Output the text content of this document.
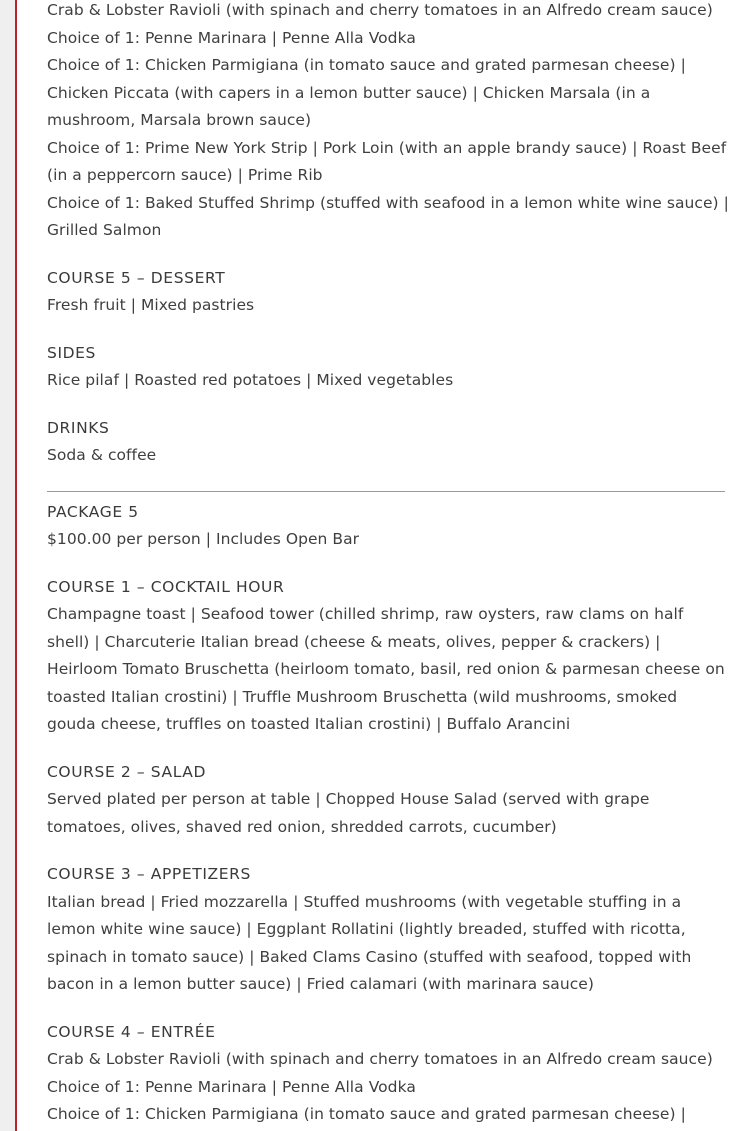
Crab & Lobster Ravioli (with spinach and cherry tomatoes in an Alfredo cream sauce)

Choice of 1: Penne Marinara | Penne Alla Vodka

Choice of 1: Chicken Parmigiana (in tomato sauce and grated parmesan cheese) | Chicken Piccata (with capers in a lemon butter sauce) | Chicken Marsala (in a mushroom, Marsala brown sauce)

Choice of 1: Prime New York Strip | Pork Loin (with an apple brandy sauce) | Roast Beef (in a peppercorn sauce) | Prime Rib

Choice of 1: Baked Stuffed Shrimp (stuffed with seafood in a lemon white wine sauce) | Grilled Salmon

COURSE 5 – DESSERT

Fresh fruit | Mixed pastries

SIDES

Rice pilaf | Roasted red potatoes | Mixed vegetables

DRINKS

Soda & coffee

PACKAGE 5

$100.00 per person | Includes Open Bar

COURSE 1 – COCKTAIL HOUR

Champagne toast | Seafood tower (chilled shrimp, raw oysters, raw clams on half shell) | Charcuterie Italian bread (cheese & meats, olives, pepper & crackers) | Heirloom Tomato Bruschetta (heirloom tomato, basil, red onion & parmesan cheese on toasted Italian crostini) | Truffle Mushroom Bruschetta (wild mushrooms, smoked gouda cheese, truffles on toasted Italian crostini) | Buffalo Arancini

COURSE 2 – SALAD

Served plated per person at table | Chopped House Salad (served with grape tomatoes, olives, shaved red onion, shredded carrots, cucumber)

COURSE 3 – APPETIZERS

Italian bread | Fried mozzarella | Stuffed mushrooms (with vegetable stuffing in a lemon white wine sauce) | Eggplant Rollatini (lightly breaded, stuffed with ricotta, spinach in tomato sauce) | Baked Clams Casino (stuffed with seafood, topped with bacon in a lemon butter sauce) | Fried calamari (with marinara sauce)

COURSE 4 – ENTRÉE

Crab & Lobster Ravioli (with spinach and cherry tomatoes in an Alfredo cream sauce)

Choice of 1: Penne Marinara | Penne Alla Vodka

Choice of 1: Chicken Parmigiana (in tomato sauce and grated parmesan cheese) |
